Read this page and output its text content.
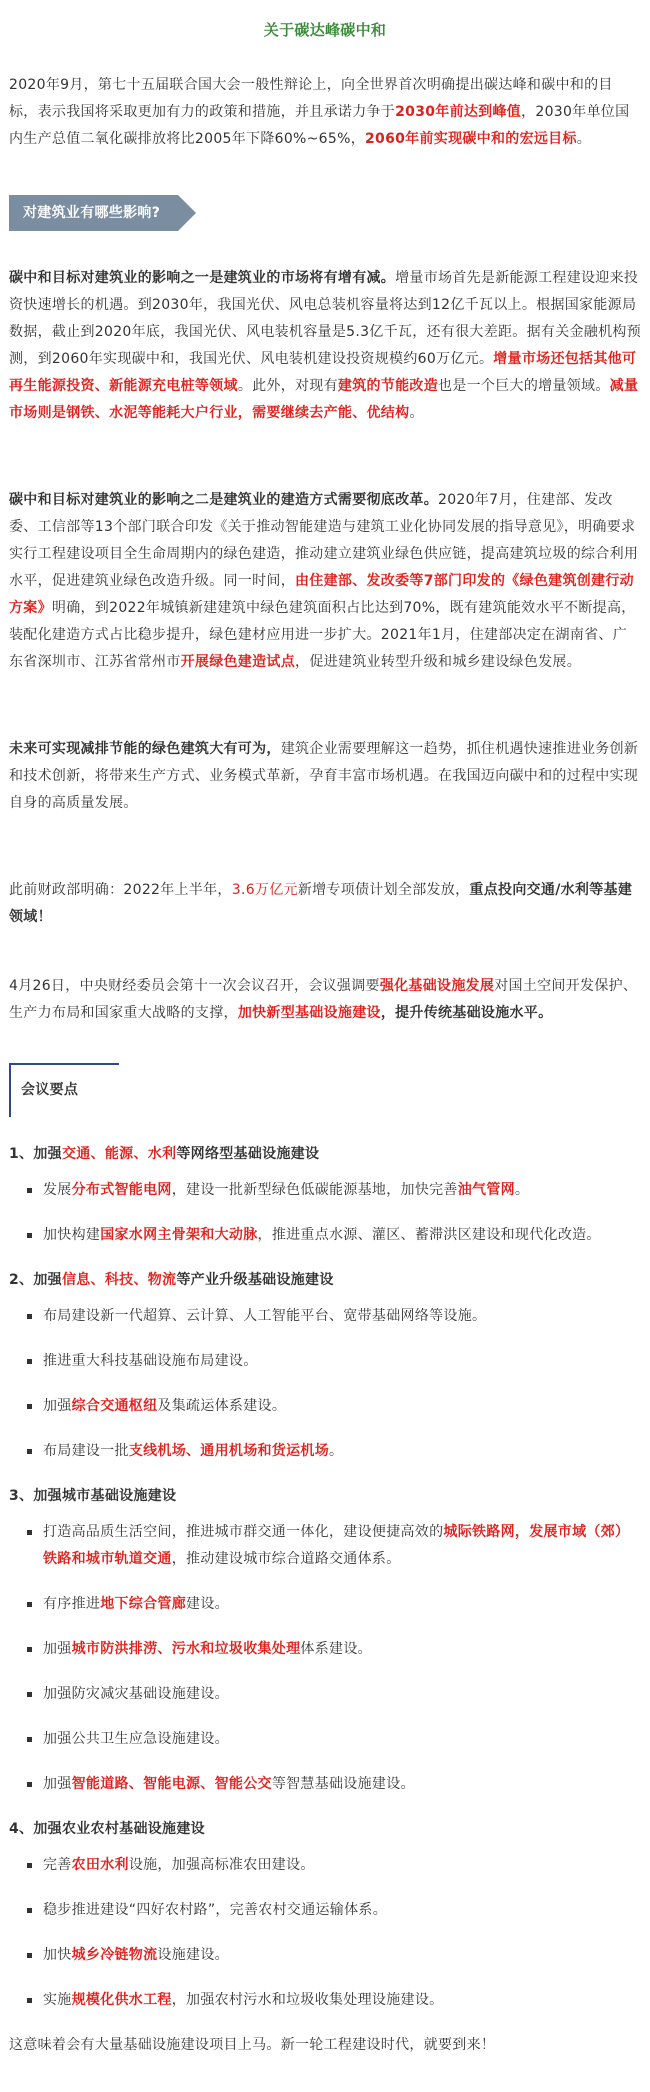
关于碳达峰碳中和

2020年9月，第七十五届联合国大会一般性辩论上，向全世界首次明确提出碳达峰和碳中和的目标，表示我国将采取更加有力的政策和措施，并且承诺力争于2030年前达到峰值，2030年单位国内生产总值二氧化碳排放将比2005年下降60%~65%，2060年前实现碳中和的宏远目标。

对建筑业有哪些影响?

碳中和目标对建筑业的影响之一是建筑业的市场将有增有减。增量市场首先是新能源工程建设迎来投资快速增长的机遇。到2030年，我国光伏、风电总装机容量将达到12亿千瓦以上。根据国家能源局数据，截止到2020年底，我国光伏、风电装机容量是5.3亿千瓦，还有很大差距。据有关金融机构预测，到2060年实现碳中和，我国光伏、风电装机建设投资规模约60万亿元。增量市场还包括其他可再生能源投资、新能源充电桩等领域。此外，对现有建筑的节能改造也是一个巨大的增量领域。减量市场则是钢铁、水泥等能耗大户行业，需要继续去产能、优结构。

碳中和目标对建筑业的影响之二是建筑业的建造方式需要彻底改革。2020年7月，住建部、发改委、工信部等13个部门联合印发《关于推动智能建造与建筑工业化协同发展的指导意见》，明确要求实行工程建设项目全生命周期内的绿色建造，推动建立建筑业绿色供应链，提高建筑垃圾的综合利用水平，促进建筑业绿色改造升级。同一时间，由住建部、发改委等7部门印发的《绿色建筑创建行动方案》明确，到2022年城镇新建建筑中绿色建筑面积占比达到70%，既有建筑能效水平不断提高，装配化建造方式占比稳步提升，绿色建材应用进一步扩大。2021年1月，住建部决定在湖南省、广东省深圳市、江苏省常州市开展绿色建造试点，促进建筑业转型升级和城乡建设绿色发展。

未来可实现减排节能的绿色建筑大有可为，建筑企业需要理解这一趋势，抓住机遇快速推进业务创新和技术创新，将带来生产方式、业务模式革新，孕育丰富市场机遇。在我国迈向碳中和的过程中实现自身的高质量发展。

此前财政部明确：2022年上半年，3.6万亿元新增专项债计划全部发放，重点投向交通/水利等基建领域！

4月26日，中央财经委员会第十一次会议召开，会议强调要强化基础设施发展对国土空间开发保护、生产力布局和国家重大战略的支撑，加快新型基础设施建设，提升传统基础设施水平。

会议要点
1、加强交通、能源、水利等网络型基础设施建设
发展分布式智能电网，建设一批新型绿色低碳能源基地，加快完善油气管网。
加快构建国家水网主骨架和大动脉，推进重点水源、灌区、蓄滞洪区建设和现代化改造。
2、加强信息、科技、物流等产业升级基础设施建设
布局建设新一代超算、云计算、人工智能平台、宽带基础网络等设施。
推进重大科技基础设施布局建设。
加强综合交通枢纽及集疏运体系建设。
布局建设一批支线机场、通用机场和货运机场。
3、加强城市基础设施建设
打造高品质生活空间，推进城市群交通一体化，建设便捷高效的城际铁路网，发展市域（郊）铁路和城市轨道交通，推动建设城市综合道路交通体系。
有序推进地下综合管廊建设。
加强城市防洪排涝、污水和垃圾收集处理体系建设。
加强防灾减灾基础设施建设。
加强公共卫生应急设施建设。
加强智能道路、智能电源、智能公交等智慧基础设施建设。
4、加强农业农村基础设施建设
完善农田水利设施，加强高标准农田建设。
稳步推进建设“四好农村路”，完善农村交通运输体系。
加快城乡冷链物流设施建设。
实施规模化供水工程，加强农村污水和垃圾收集处理设施建设。

这意味着会有大量基础设施建设项目上马。新一轮工程建设时代，就要到来！
